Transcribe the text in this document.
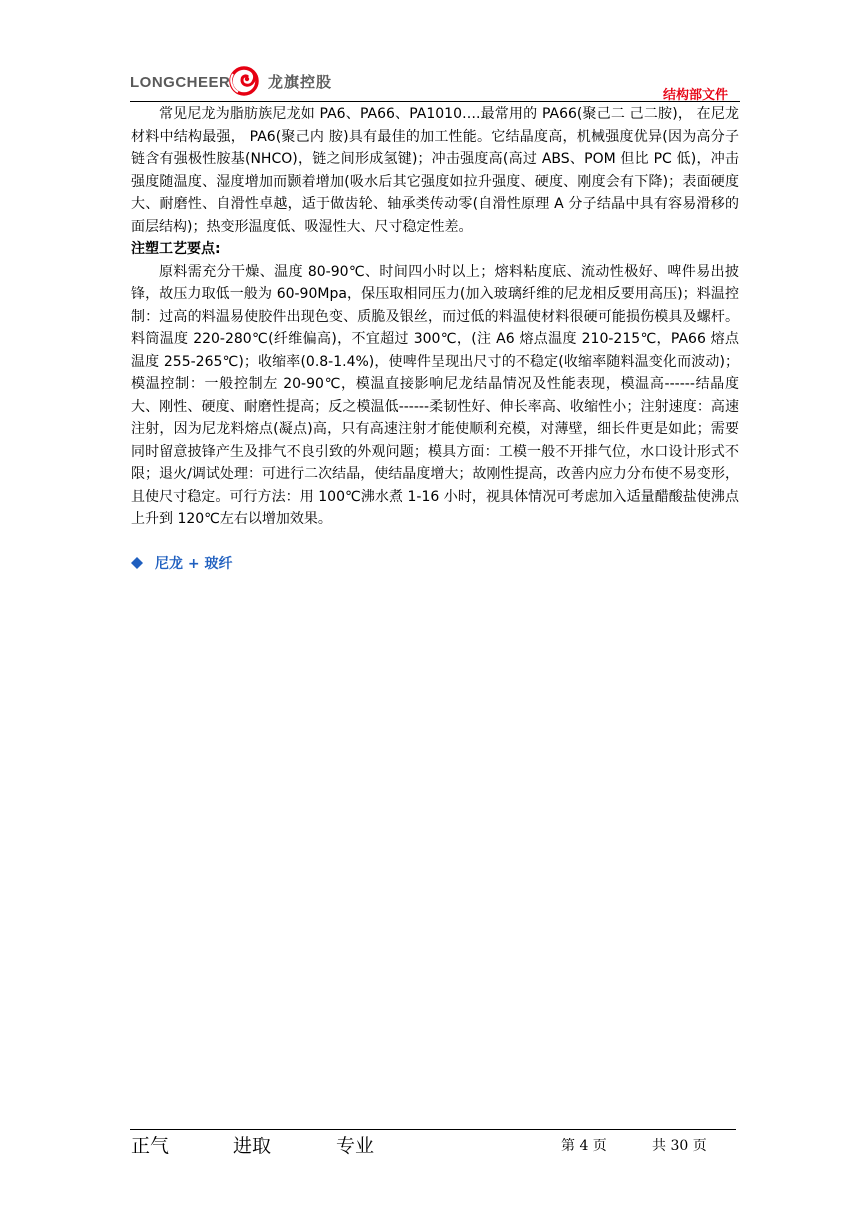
LONGCHEER	龙旗控股
结构部文件

常见尼龙为脂肪族尼龙如 PA6、PA66、PA1010….最常用的 PA66(聚己二 己二胺)， 在尼龙材料中结构最强， PA6(聚己内 胺)具有最佳的加工性能。它结晶度高，机械强度优异(因为高分子链含有强极性胺基(NHCO)，链之间形成氢键)；冲击强度高(高过 ABS、POM 但比 PC 低)，冲击强度随温度、湿度增加而颢着增加(吸水后其它强度如拉升强度、硬度、刚度会有下降)；表面硬度大、耐磨性、自滑性卓越，适于做齿轮、轴承类传动零(自滑性原理 A 分子结晶中具有容易滑移的面层结构)；热变形温度低、吸湿性大、尺寸稳定性差。

注塑工艺要点:

原料需充分干燥、温度 80-90℃、时间四小时以上；熔料粘度底、流动性极好、啤件易出披锋，故压力取低一般为 60-90Mpa，保压取相同压力(加入玻璃纤维的尼龙相反要用高压)；料温控制：过高的料温易使胶件出现色变、质脆及银丝，而过低的料温使材料很硬可能损伤模具及螺杆。料筒温度 220-280℃(纤维偏高)，不宜超过 300℃，(注 A6 熔点温度 210-215℃，PA66 熔点温度 255-265℃)；收缩率(0.8-1.4%)，使啤件呈现出尺寸的不稳定(收缩率随料温变化而波动)；模温控制：一般控制左 20-90℃，模温直接影响尼龙结晶情况及性能表现，模温高------结晶度大、刚性、硬度、耐磨性提高；反之模温低------柔韧性好、伸长率高、收缩性小；注射速度：高速注射，因为尼龙料熔点(凝点)高，只有高速注射才能使顺利充模，对薄壁，细长件更是如此；需要同时留意披锋产生及排气不良引致的外观问题；模具方面：工模一般不开排气位，水口设计形式不限；退火/调试处理：可进行二次结晶，使结晶度增大；故刚性提高，改善内应力分布使不易变形，且使尺寸稳定。可行方法：用 100℃沸水煮 1-16 小时，视具体情况可考虑加入适量醋酸盐使沸点上升到 120℃左右以增加效果。

尼龙 + 玻纤

正气	进取	专业	第 4 页	共 30 页
